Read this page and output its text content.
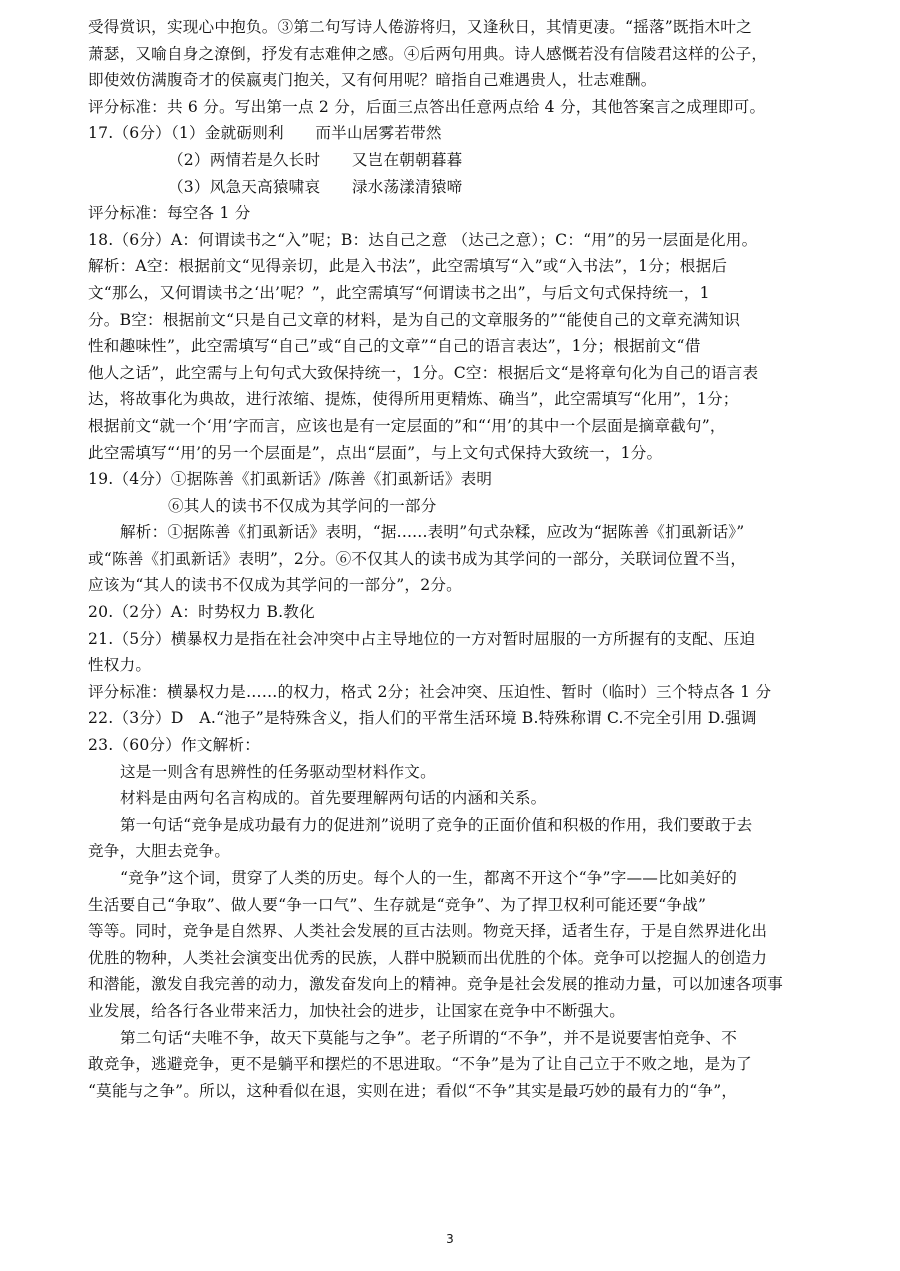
受得赏识，实现心中抱负。③第二句写诗人倦游将归，又逢秋日，其情更凄。“摇落”既指木叶之
萧瑟，又喻自身之潦倒，抒发有志难伸之感。④后两句用典。诗人感慨若没有信陵君这样的公子，
即使效仿满腹奇才的侯嬴夷门抱关，又有何用呢？暗指自己难遇贵人，壮志难酬。
评分标准：共 6 分。写出第一点 2 分，后面三点答出任意两点给 4 分，其他答案言之成理即可。
17.（6分）（1）金就砺则利　　而半山居雾若带然
（2）两情若是久长时　　又岂在朝朝暮暮
（3）风急天高猿啸哀　　渌水荡漾清猿啼
评分标准：每空各 1 分
18.（6分）A：何谓读书之“入”呢；B：达自己之意 （达己之意）；C：“用”的另一层面是化用。
解析：A空：根据前文“见得亲切，此是入书法”，此空需填写“入”或“入书法”，1分；根据后
文“那么，又何谓读书之‘出’呢？”，此空需填写“何谓读书之出”，与后文句式保持统一，1
分。B空：根据前文“只是自己文章的材料，是为自己的文章服务的”“能使自己的文章充满知识
性和趣味性”，此空需填写“自己”或“自己的文章”“自己的语言表达”，1分；根据前文“借
他人之话”，此空需与上句句式大致保持统一，1分。C空：根据后文“是将章句化为自己的语言表
达，将故事化为典故，进行浓缩、提炼，使得所用更精炼、确当”，此空需填写“化用”，1分；
根据前文“就一个‘用’字而言，应该也是有一定层面的”和“‘用’的其中一个层面是摘章截句”，
此空需填写“‘用’的另一个层面是”，点出“层面”，与上文句式保持大致统一，1分。
19.（4分）①据陈善《扪虱新话》/陈善《扪虱新话》表明
⑥其人的读书不仅成为其学问的一部分
解析：①据陈善《扪虱新话》表明，“据......表明”句式杂糅，应改为“据陈善《扪虱新话》”
或“陈善《扪虱新话》表明”，2分。⑥不仅其人的读书成为其学问的一部分，关联词位置不当，
应该为“其人的读书不仅成为其学问的一部分”，2分。
20.（2分）A：时势权力 B.教化
21.（5分）横暴权力是指在社会冲突中占主导地位的一方对暂时屈服的一方所握有的支配、压迫
性权力。
评分标准：横暴权力是……的权力，格式 2分；社会冲突、压迫性、暂时（临时）三个特点各 1 分
22.（3分）D　A.“池子”是特殊含义，指人们的平常生活环境 B.特殊称谓 C.不完全引用 D.强调
23.（60分）作文解析：
这是一则含有思辨性的任务驱动型材料作文。
材料是由两句名言构成的。首先要理解两句话的内涵和关系。
第一句话“竞争是成功最有力的促进剂”说明了竞争的正面价值和积极的作用，我们要敢于去
竞争，大胆去竞争。
“竞争”这个词，贯穿了人类的历史。每个人的一生，都离不开这个“争”字——比如美好的
生活要自己“争取”、做人要“争一口气”、生存就是“竞争”、为了捍卫权利可能还要“争战”
等等。同时，竞争是自然界、人类社会发展的亘古法则。物竞天择，适者生存，于是自然界进化出
优胜的物种，人类社会演变出优秀的民族，人群中脱颖而出优胜的个体。竞争可以挖掘人的创造力
和潜能，激发自我完善的动力，激发奋发向上的精神。竞争是社会发展的推动力量，可以加速各项事
业发展，给各行各业带来活力，加快社会的进步，让国家在竞争中不断强大。
第二句话“夫唯不争，故天下莫能与之争”。老子所谓的“不争”，并不是说要害怕竞争、不
敢竞争，逃避竞争，更不是躺平和摆烂的不思进取。“不争”是为了让自己立于不败之地，是为了
“莫能与之争”。所以，这种看似在退，实则在进；看似“不争”其实是最巧妙的最有力的“争”，
3
